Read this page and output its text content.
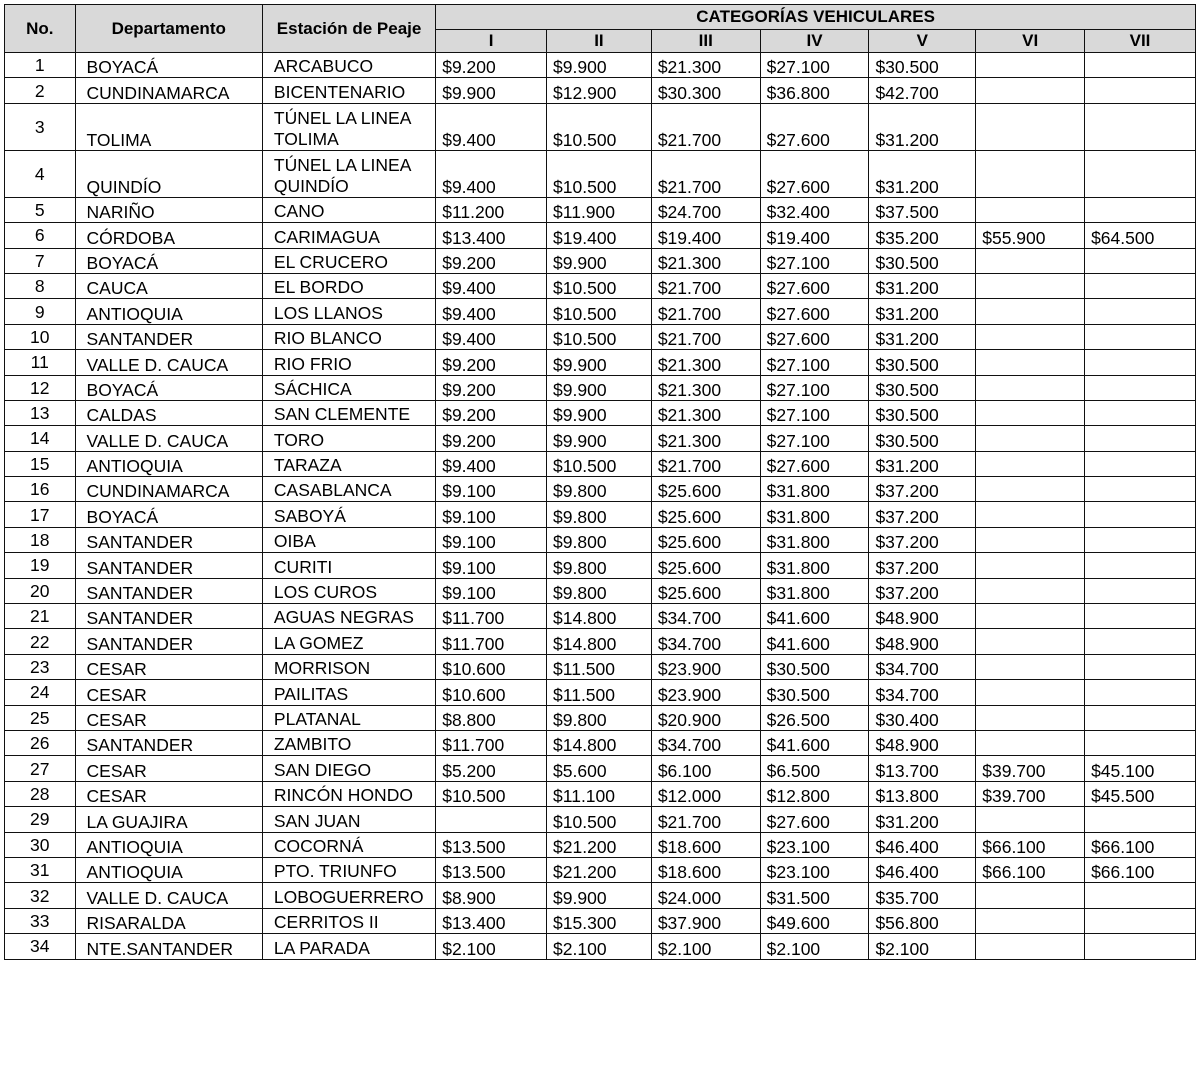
No.	Departamento	Estación de Peaje	CATEGORÍAS VEHICULARES						
			I	II	III	IV	V	VI	VII
1	BOYACÁ	ARCABUCO	$9.200	$9.900	$21.300	$27.100	$30.500		
2	CUNDINAMARCA	BICENTENARIO	$9.900	$12.900	$30.300	$36.800	$42.700		
3	TOLIMA	TÚNEL LA LINEA TOLIMA	$9.400	$10.500	$21.700	$27.600	$31.200		
4	QUINDÍO	TÚNEL LA LINEA QUINDÍO	$9.400	$10.500	$21.700	$27.600	$31.200		
5	NARIÑO	CANO	$11.200	$11.900	$24.700	$32.400	$37.500		
6	CÓRDOBA	CARIMAGUA	$13.400	$19.400	$19.400	$19.400	$35.200	$55.900	$64.500
7	BOYACÁ	EL CRUCERO	$9.200	$9.900	$21.300	$27.100	$30.500		
8	CAUCA	EL BORDO	$9.400	$10.500	$21.700	$27.600	$31.200		
9	ANTIOQUIA	LOS LLANOS	$9.400	$10.500	$21.700	$27.600	$31.200		
10	SANTANDER	RIO BLANCO	$9.400	$10.500	$21.700	$27.600	$31.200		
11	VALLE D. CAUCA	RIO FRIO	$9.200	$9.900	$21.300	$27.100	$30.500		
12	BOYACÁ	SÁCHICA	$9.200	$9.900	$21.300	$27.100	$30.500		
13	CALDAS	SAN CLEMENTE	$9.200	$9.900	$21.300	$27.100	$30.500		
14	VALLE D. CAUCA	TORO	$9.200	$9.900	$21.300	$27.100	$30.500		
15	ANTIOQUIA	TARAZA	$9.400	$10.500	$21.700	$27.600	$31.200		
16	CUNDINAMARCA	CASABLANCA	$9.100	$9.800	$25.600	$31.800	$37.200		
17	BOYACÁ	SABOYÁ	$9.100	$9.800	$25.600	$31.800	$37.200		
18	SANTANDER	OIBA	$9.100	$9.800	$25.600	$31.800	$37.200		
19	SANTANDER	CURITI	$9.100	$9.800	$25.600	$31.800	$37.200		
20	SANTANDER	LOS CUROS	$9.100	$9.800	$25.600	$31.800	$37.200		
21	SANTANDER	AGUAS NEGRAS	$11.700	$14.800	$34.700	$41.600	$48.900		
22	SANTANDER	LA GOMEZ	$11.700	$14.800	$34.700	$41.600	$48.900		
23	CESAR	MORRISON	$10.600	$11.500	$23.900	$30.500	$34.700		
24	CESAR	PAILITAS	$10.600	$11.500	$23.900	$30.500	$34.700		
25	CESAR	PLATANAL	$8.800	$9.800	$20.900	$26.500	$30.400		
26	SANTANDER	ZAMBITO	$11.700	$14.800	$34.700	$41.600	$48.900		
27	CESAR	SAN DIEGO	$5.200	$5.600	$6.100	$6.500	$13.700	$39.700	$45.100
28	CESAR	RINCÓN HONDO	$10.500	$11.100	$12.000	$12.800	$13.800	$39.700	$45.500
29	LA GUAJIRA	SAN JUAN		$10.500	$21.700	$27.600	$31.200		
30	ANTIOQUIA	COCORNÁ	$13.500	$21.200	$18.600	$23.100	$46.400	$66.100	$66.100
31	ANTIOQUIA	PTO. TRIUNFO	$13.500	$21.200	$18.600	$23.100	$46.400	$66.100	$66.100
32	VALLE D. CAUCA	LOBOGUERRERO	$8.900	$9.900	$24.000	$31.500	$35.700		
33	RISARALDA	CERRITOS II	$13.400	$15.300	$37.900	$49.600	$56.800		
34	NTE.SANTANDER	LA PARADA	$2.100	$2.100	$2.100	$2.100	$2.100		
